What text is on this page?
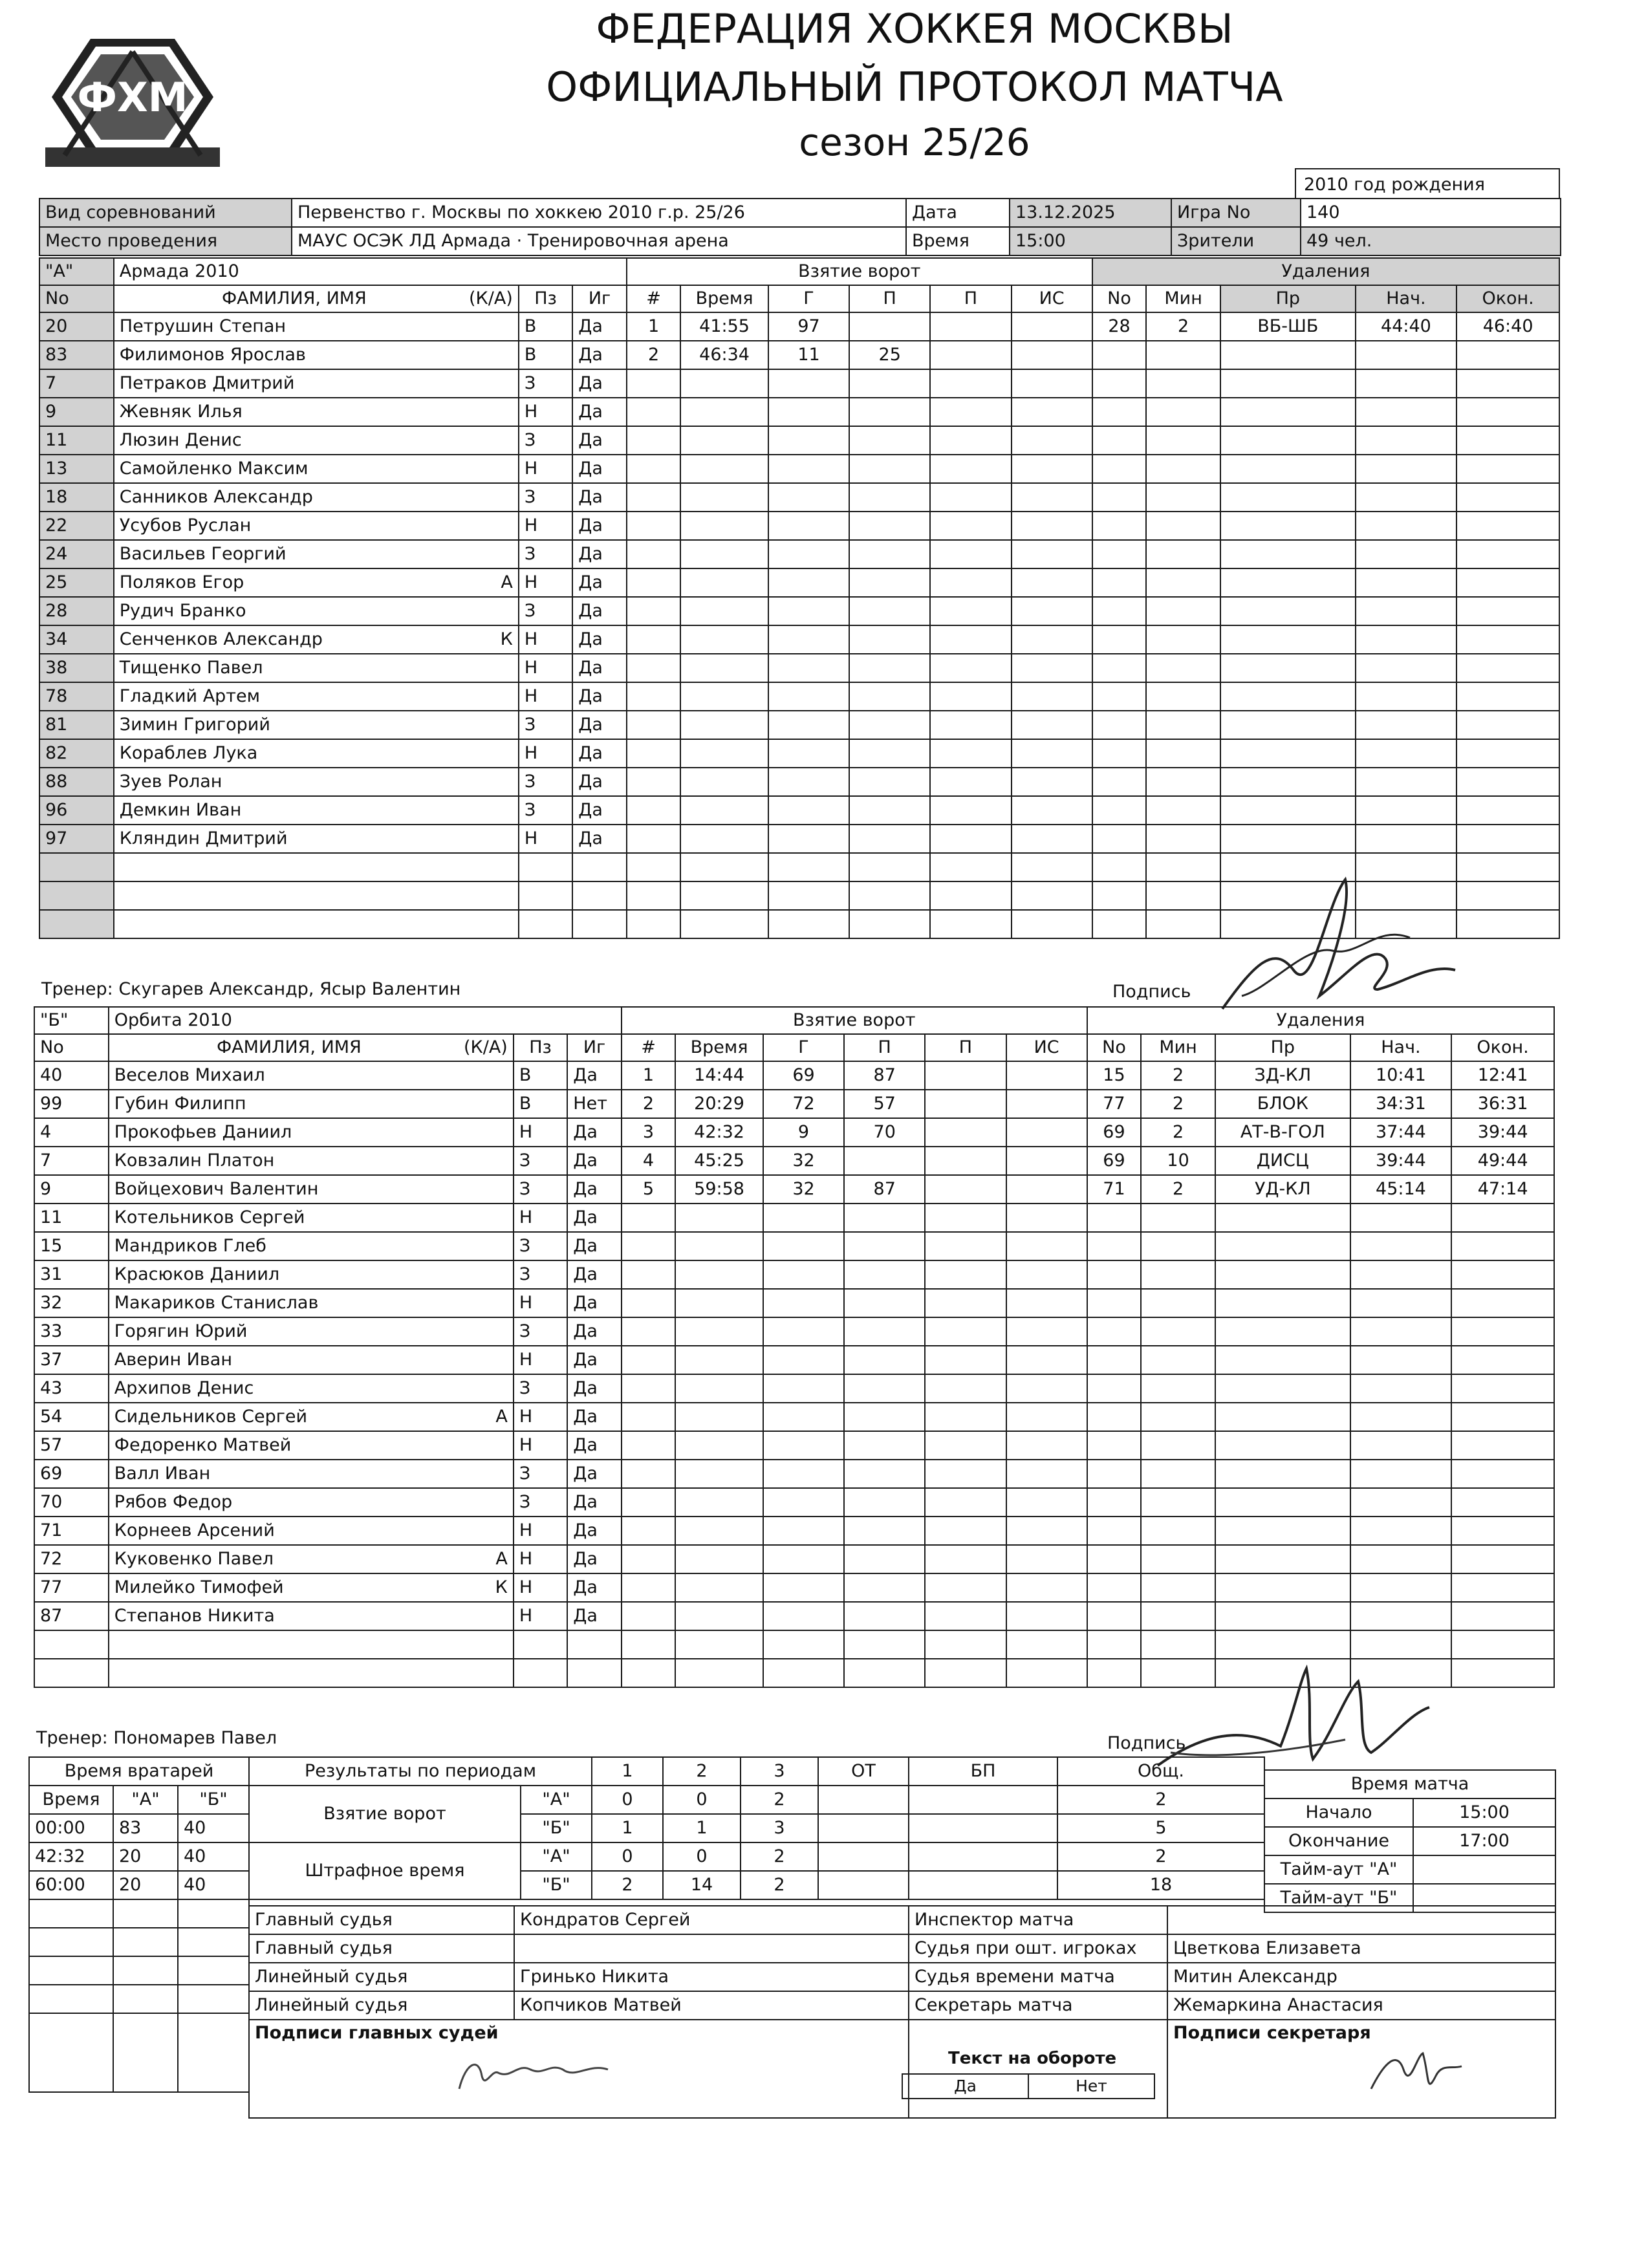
ФХМ
ФЕДЕРАЦИЯ ХОККЕЯ МОСКВЫ
ОФИЦИАЛЬНЫЙ ПРОТОКОЛ МАТЧА
сезон 25/26
2010 год рождения
Вид соревнований	Первенство г. Москвы по хоккею 2010 г.р. 25/26	Дата	13.12.2025	Игра No	140
Место проведения	МАУС ОСЭК ЛД Армада · Тренировочная арена	Время	15:00	Зрители	49 чел.
"А"	Армада 2010			Взятие ворот						Удаления				
No	ФАМИЛИЯ, ИМЯ (К/А)	Пз	Иг	#	Время	Г	П	П	ИС	No	Мин	Пр	Нач.	Окон.
20	Петрушин Степан	В	Да	1	41:55	97				28	2	ВБ-ШБ	44:40	46:40
83	Филимонов Ярослав	В	Да	2	46:34	11	25							
7	Петраков Дмитрий	З	Да											
9	Жевняк Илья	Н	Да											
11	Люзин Денис	З	Да											
13	Самойленко Максим	Н	Да											
18	Санников Александр	З	Да											
22	Усубов Руслан	Н	Да											
24	Васильев Георгий	З	Да											
25	Поляков Егор А	Н	Да											
28	Рудич Бранко	З	Да											
34	Сенченков Александр К	Н	Да											
38	Тищенко Павел	Н	Да											
78	Гладкий Артем	Н	Да											
81	Зимин Григорий	З	Да											
82	Кораблев Лука	Н	Да											
88	Зуев Ролан	З	Да											
96	Демкин Иван	З	Да											
97	Кляндин Дмитрий	Н	Да											

Тренер: Скугарев Александр, Ясыр Валентин	Подпись
"Б"	Орбита 2010			Взятие ворот						Удаления				
No	ФАМИЛИЯ, ИМЯ (К/А)	Пз	Иг	#	Время	Г	П	П	ИС	No	Мин	Пр	Нач.	Окон.
40	Веселов Михаил	В	Да	1	14:44	69	87			15	2	ЗД-КЛ	10:41	12:41
99	Губин Филипп	В	Нет	2	20:29	72	57			77	2	БЛОК	34:31	36:31
4	Прокофьев Даниил	Н	Да	3	42:32	9	70			69	2	АТ-В-ГОЛ	37:44	39:44
7	Ковзалин Платон	З	Да	4	45:25	32				69	10	ДИСЦ	39:44	49:44
9	Войцехович Валентин	З	Да	5	59:58	32	87			71	2	УД-КЛ	45:14	47:14
11	Котельников Сергей	Н	Да											
15	Мандриков Глеб	З	Да											
31	Красюков Даниил	З	Да											
32	Макариков Станислав	Н	Да											
33	Горягин Юрий	З	Да											
37	Аверин Иван	Н	Да											
43	Архипов Денис	З	Да											
54	Сидельников Сергей А	Н	Да											
57	Федоренко Матвей	Н	Да											
69	Валл Иван	З	Да											
70	Рябов Федор	З	Да											
71	Корнеев Арсений	Н	Да											
72	Куковенко Павел А	Н	Да											
77	Милейко Тимофей К	Н	Да											
87	Степанов Никита	Н	Да											

Тренер: Пономарев Павел	Подпись
Время вратарей		
Время	"А"	"Б"
00:00	83	40
42:32	20	40
60:00	20	40

Результаты по периодам		1	2	3	ОТ	БП	Общ.
Взятие ворот	"А"	0	0	2			2
	"Б"	1	1	3			5
Штрафное время	"А"	0	0	2			2
	"Б"	2	14	2			18
Время матча	
Начало	15:00
Окончание	17:00
Тайм-аут "А"	
Тайм-аут "Б"	
Главный судья	Кондратов Сергей	Инспектор матча	
Главный судья		Судья при ошт. игроках	Цветкова Елизавета
Линейный судья	Гринько Никита	Судья времени матча	Митин Александр
Линейный судья	Копчиков Матвей	Секретарь матча	Жемаркина Анастасия
Подписи главных судей			Подписи секретаря
Текст на обороте
Да	Нет
